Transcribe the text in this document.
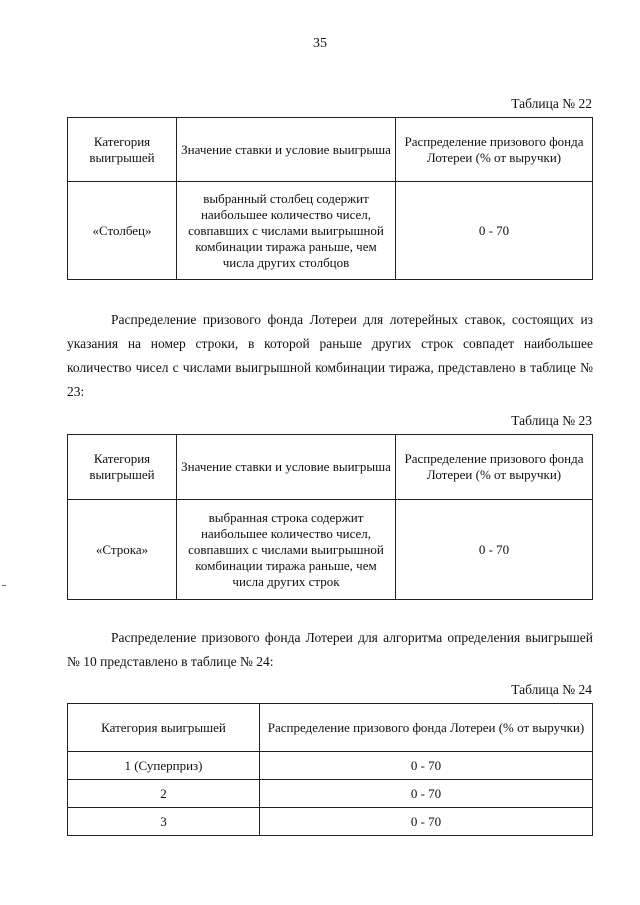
35
Таблица № 22
Категория выигрышей	Значение ставки и условие выигрыша	Распределение призового фонда Лотереи (% от выручки)
«Столбец»	выбранный столбец содержит наибольшее количество чисел, совпавших с числами выигрышной комбинации тиража раньше, чем числа других столбцов	0 - 70
Распределение призового фонда Лотереи для лотерейных ставок, состоящих из указания на номер строки, в которой раньше других строк совпадет наибольшее количество чисел с числами выигрышной комбинации тиража, представлено в таблице № 23:
Таблица № 23
Категория выигрышей	Значение ставки и условие выигрыша	Распределение призового фонда Лотереи (% от выручки)
«Строка»	выбранная строка содержит наибольшее количество чисел, совпавших с числами выигрышной комбинации тиража раньше, чем числа других строк	0 - 70
Распределение призового фонда Лотереи для алгоритма определения выигрышей № 10 представлено в таблице № 24:
Таблица № 24
Категория выигрышей	Распределение призового фонда Лотереи (% от выручки)
1 (Суперприз)	0 - 70
2	0 - 70
3	0 - 70
